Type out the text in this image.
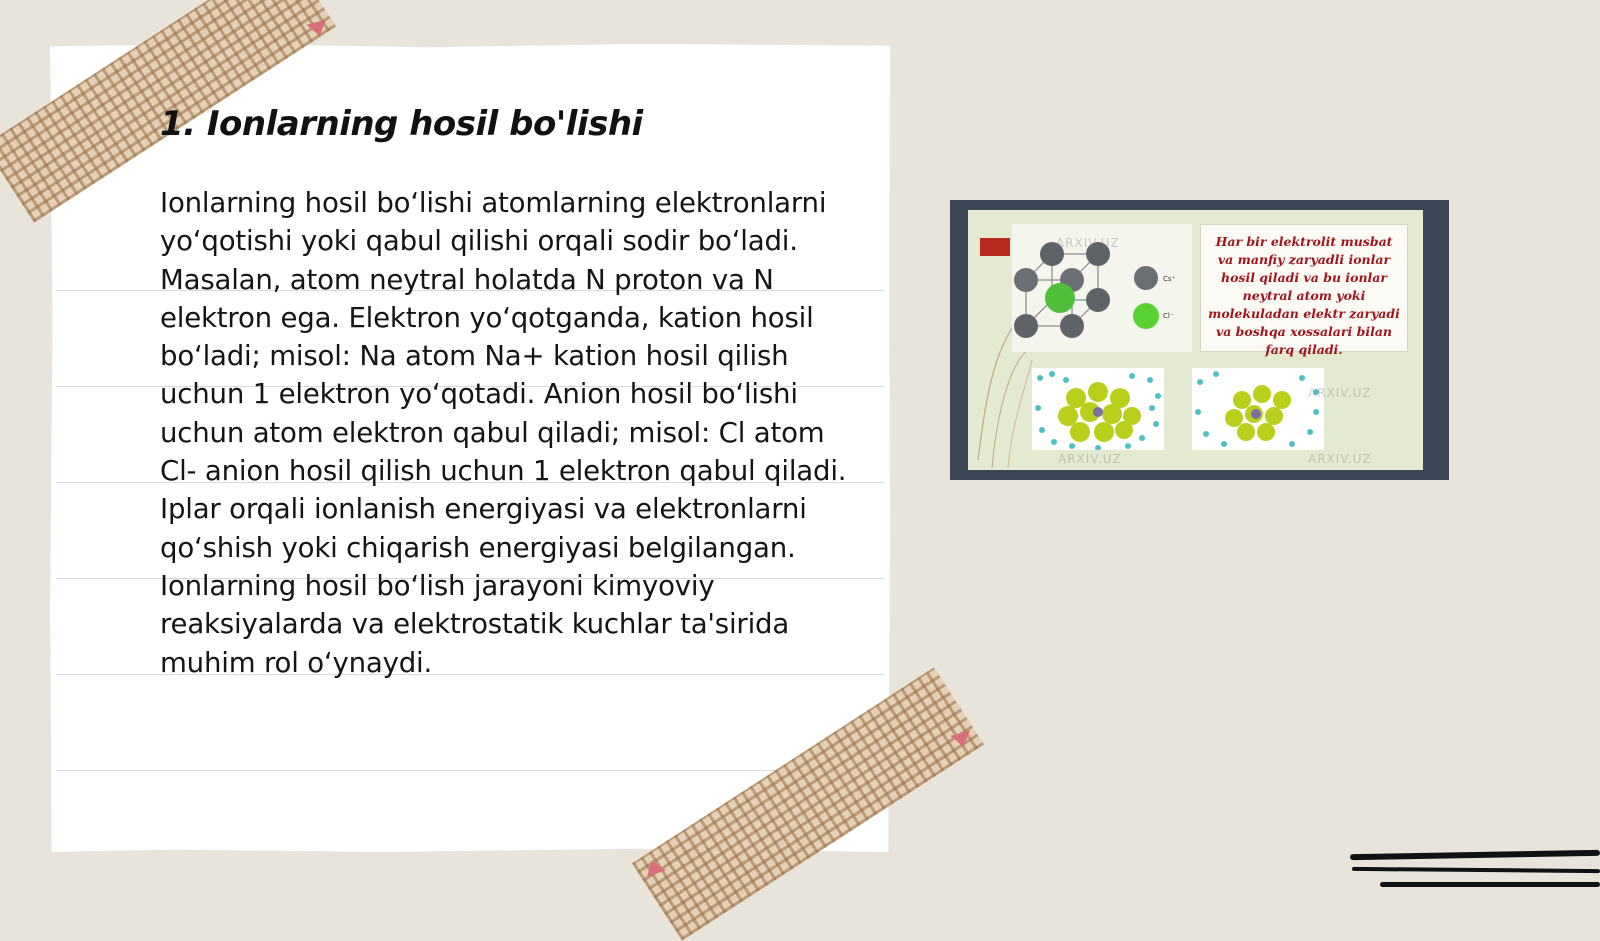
1. Ionlarning hosil bo'lishi

Ionlarning hosil bo‘lishi atomlarning elektronlarni yo‘qotishi yoki qabul qilishi orqali sodir bo‘ladi. Masalan, atom neytral holatda N proton va N elektron ega. Elektron yo‘qotganda, kation hosil bo‘ladi; misol: Na atom Na+ kation hosil qilish uchun 1 elektron yo‘qotadi. Anion hosil bo‘lishi uchun atom elektron qabul qiladi; misol: Cl atom Cl- anion hosil qilish uchun 1 elektron qabul qiladi. Iplar orqali ionlanish energiyasi va elektronlarni qo‘shish yoki chiqarish energiyasi belgilangan. Ionlarning hosil bo‘lish jarayoni kimyoviy reaksiyalarda va elektrostatik kuchlar ta'sirida muhim rol o‘ynaydi.

Cs⁺
Cl⁻
Har bir elektrolit musbat va manfiy zaryadli ionlar hosil qiladi va bu ionlar neytral atom yoki molekuladan elektr zaryadi va boshqa xossalari bilan farq qiladi.
ARXIV.UZ
ARXIV.UZ
ARXIV.UZ	ARXIV.UZ
